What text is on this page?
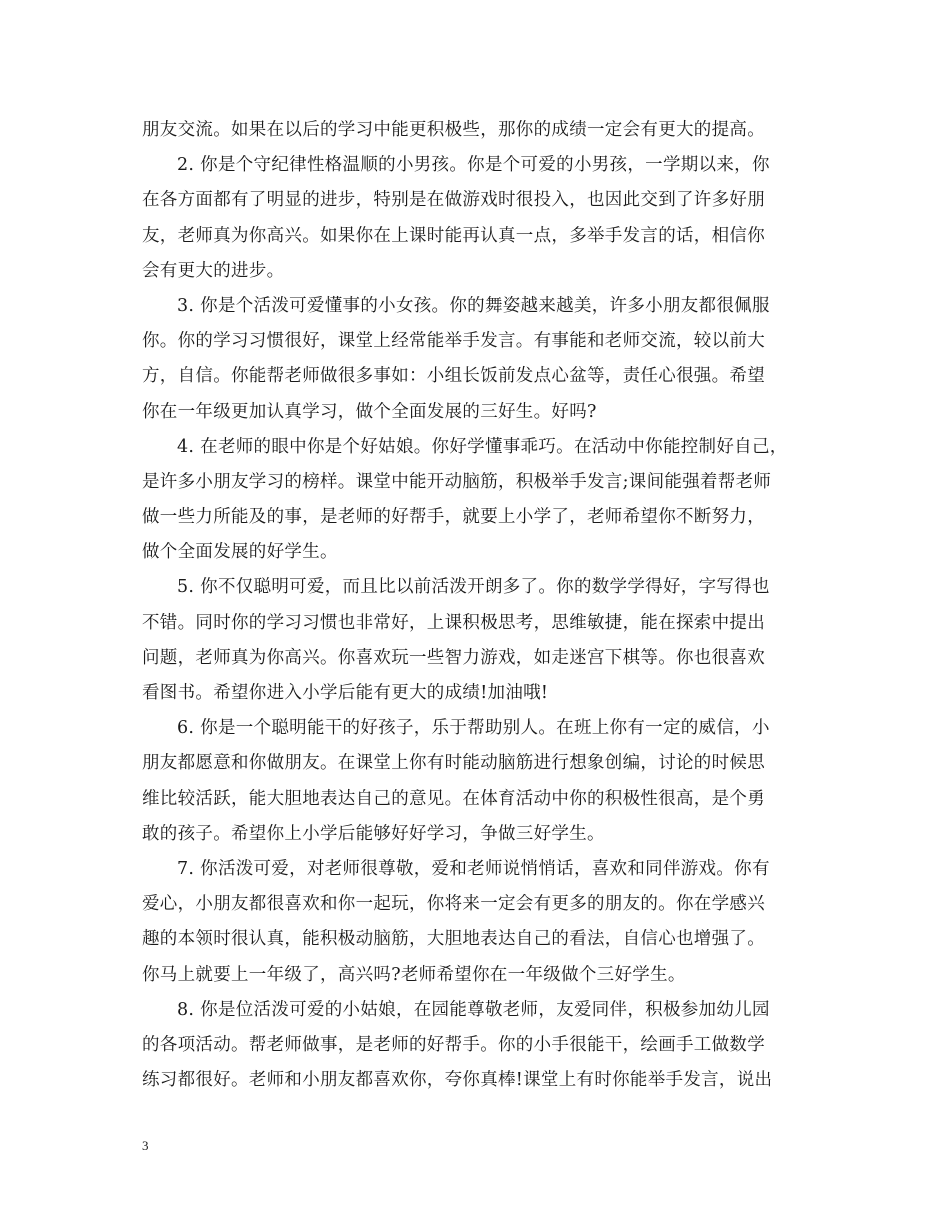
朋友交流。如果在以后的学习中能更积极些，那你的成绩一定会有更大的提高。
2. 你是个守纪律性格温顺的小男孩。你是个可爱的小男孩，一学期以来，你
在各方面都有了明显的进步，特别是在做游戏时很投入，也因此交到了许多好朋
友，老师真为你高兴。如果你在上课时能再认真一点，多举手发言的话，相信你
会有更大的进步。
3. 你是个活泼可爱懂事的小女孩。你的舞姿越来越美，许多小朋友都很佩服
你。你的学习习惯很好，课堂上经常能举手发言。有事能和老师交流，较以前大
方，自信。你能帮老师做很多事如：小组长饭前发点心盆等，责任心很强。希望
你在一年级更加认真学习，做个全面发展的三好生。好吗?
4. 在老师的眼中你是个好姑娘。你好学懂事乖巧。在活动中你能控制好自己，
是许多小朋友学习的榜样。课堂中能开动脑筋，积极举手发言;课间能强着帮老师
做一些力所能及的事，是老师的好帮手，就要上小学了，老师希望你不断努力，
做个全面发展的好学生。
5. 你不仅聪明可爱，而且比以前活泼开朗多了。你的数学学得好，字写得也
不错。同时你的学习习惯也非常好，上课积极思考，思维敏捷，能在探索中提出
问题，老师真为你高兴。你喜欢玩一些智力游戏，如走迷宫下棋等。你也很喜欢
看图书。希望你进入小学后能有更大的成绩!加油哦!
6. 你是一个聪明能干的好孩子，乐于帮助别人。在班上你有一定的威信，小
朋友都愿意和你做朋友。在课堂上你有时能动脑筋进行想象创编，讨论的时候思
维比较活跃，能大胆地表达自己的意见。在体育活动中你的积极性很高，是个勇
敢的孩子。希望你上小学后能够好好学习，争做三好学生。
7. 你活泼可爱，对老师很尊敬，爱和老师说悄悄话，喜欢和同伴游戏。你有
爱心，小朋友都很喜欢和你一起玩，你将来一定会有更多的朋友的。你在学感兴
趣的本领时很认真，能积极动脑筋，大胆地表达自己的看法，自信心也增强了。
你马上就要上一年级了，高兴吗?老师希望你在一年级做个三好学生。
8. 你是位活泼可爱的小姑娘，在园能尊敬老师，友爱同伴，积极参加幼儿园
的各项活动。帮老师做事，是老师的好帮手。你的小手很能干，绘画手工做数学
练习都很好。老师和小朋友都喜欢你，夸你真棒!课堂上有时你能举手发言，说出
3
